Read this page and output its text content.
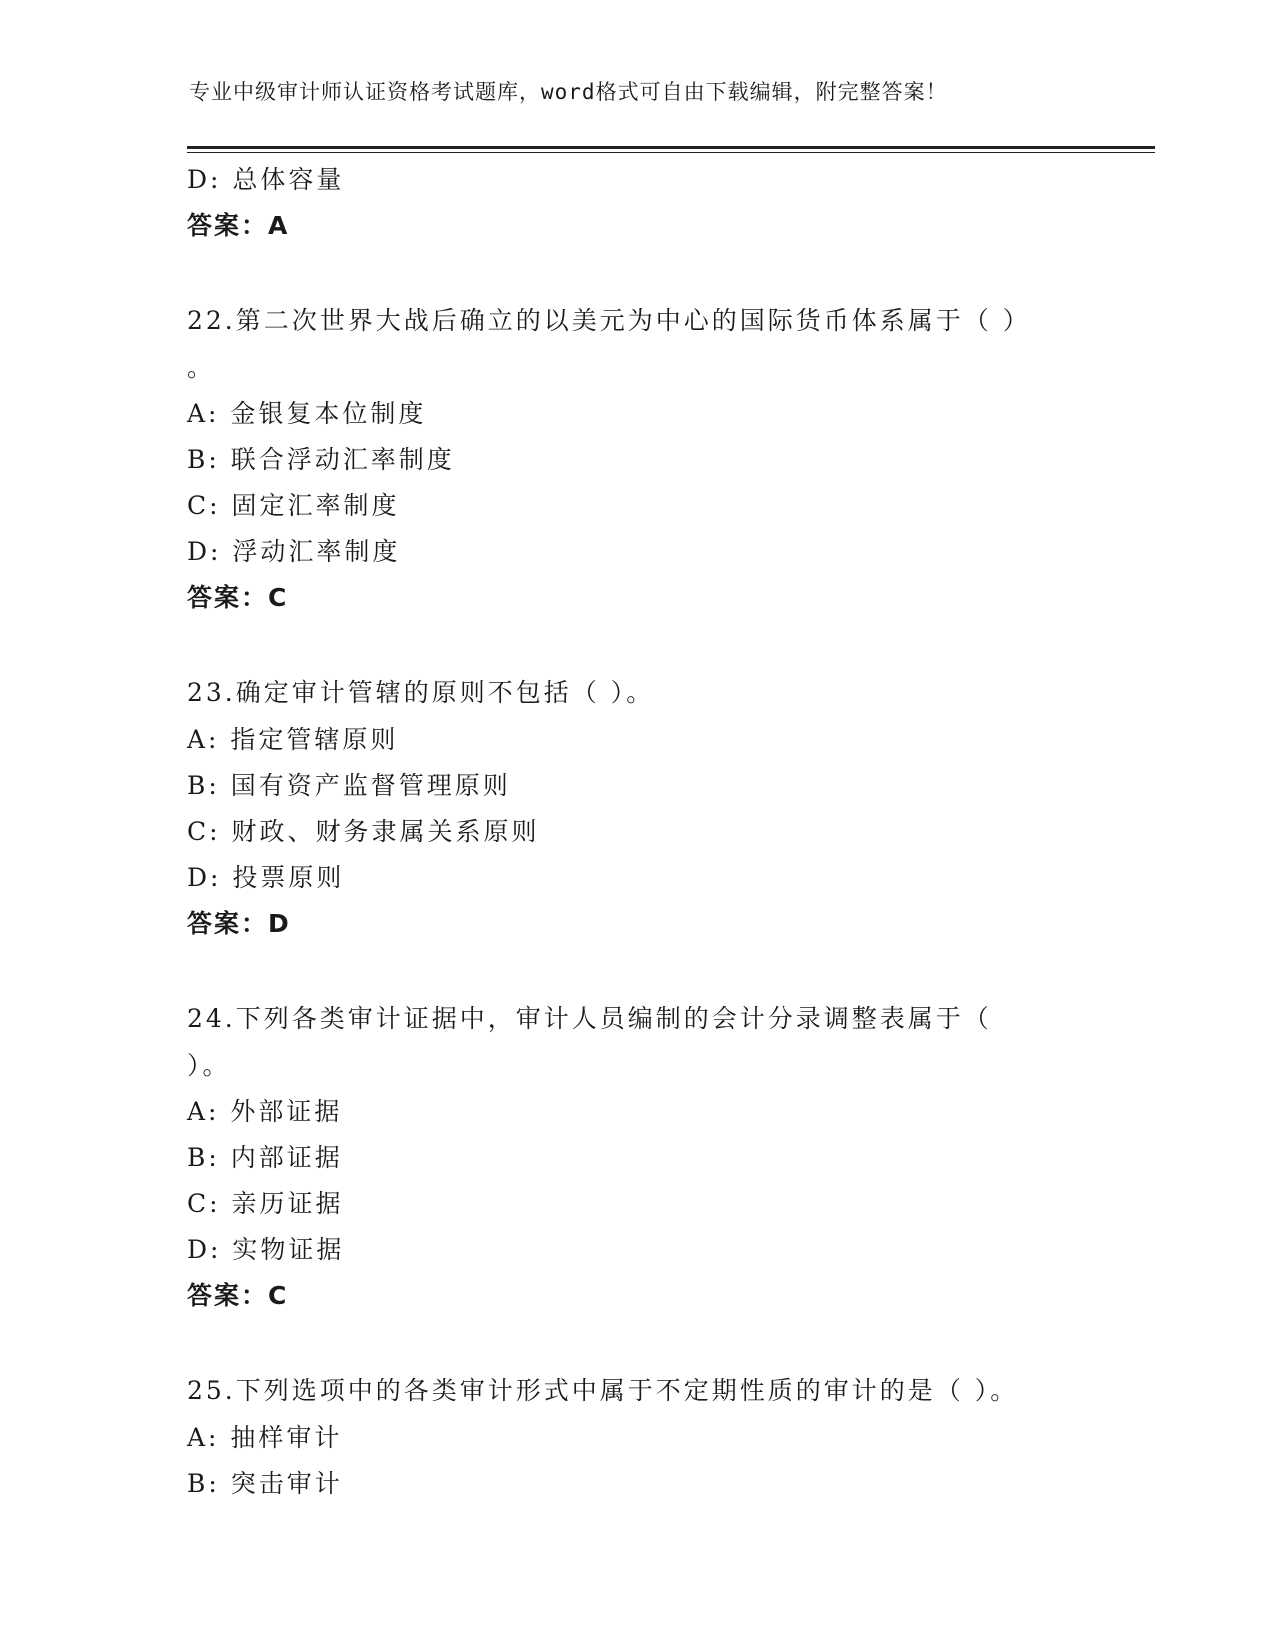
专业中级审计师认证资格考试题库，word格式可自由下载编辑，附完整答案！
D: 总体容量
答案：A
22.第二次世界大战后确立的以美元为中心的国际货币体系属于（ ）
。
A: 金银复本位制度
B: 联合浮动汇率制度
C: 固定汇率制度
D: 浮动汇率制度
答案：C
23.确定审计管辖的原则不包括（ ）。
A: 指定管辖原则
B: 国有资产监督管理原则
C: 财政、财务隶属关系原则
D: 投票原则
答案：D
24.下列各类审计证据中，审计人员编制的会计分录调整表属于（
）。
A: 外部证据
B: 内部证据
C: 亲历证据
D: 实物证据
答案：C
25.下列选项中的各类审计形式中属于不定期性质的审计的是（ ）。
A: 抽样审计
B: 突击审计
